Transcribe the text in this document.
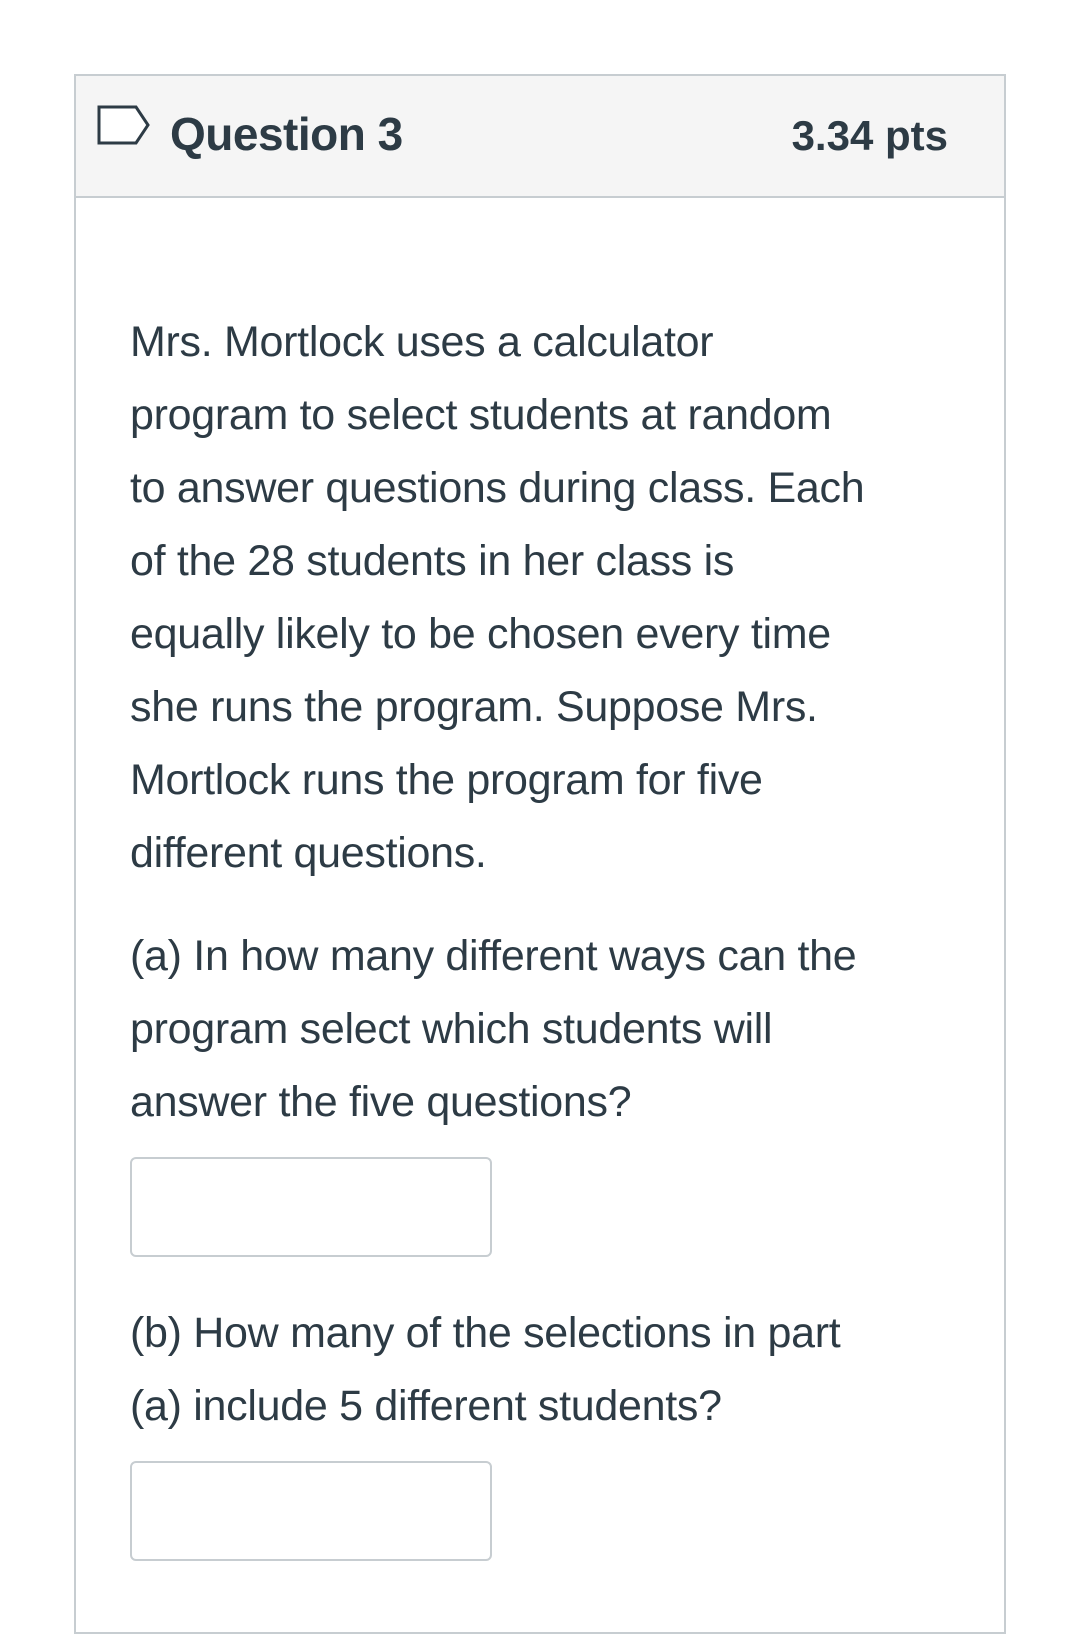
Question 3	3.34 pts

Mrs. Mortlock uses a calculator

program to select students at random

to answer questions during class. Each

of the 28 students in her class is

equally likely to be chosen every time

she runs the program. Suppose Mrs.

Mortlock runs the program for five

different questions.

(a) In how many different ways can the

program select which students will

answer the five questions?

(b) How many of the selections in part

(a) include 5 different students?
